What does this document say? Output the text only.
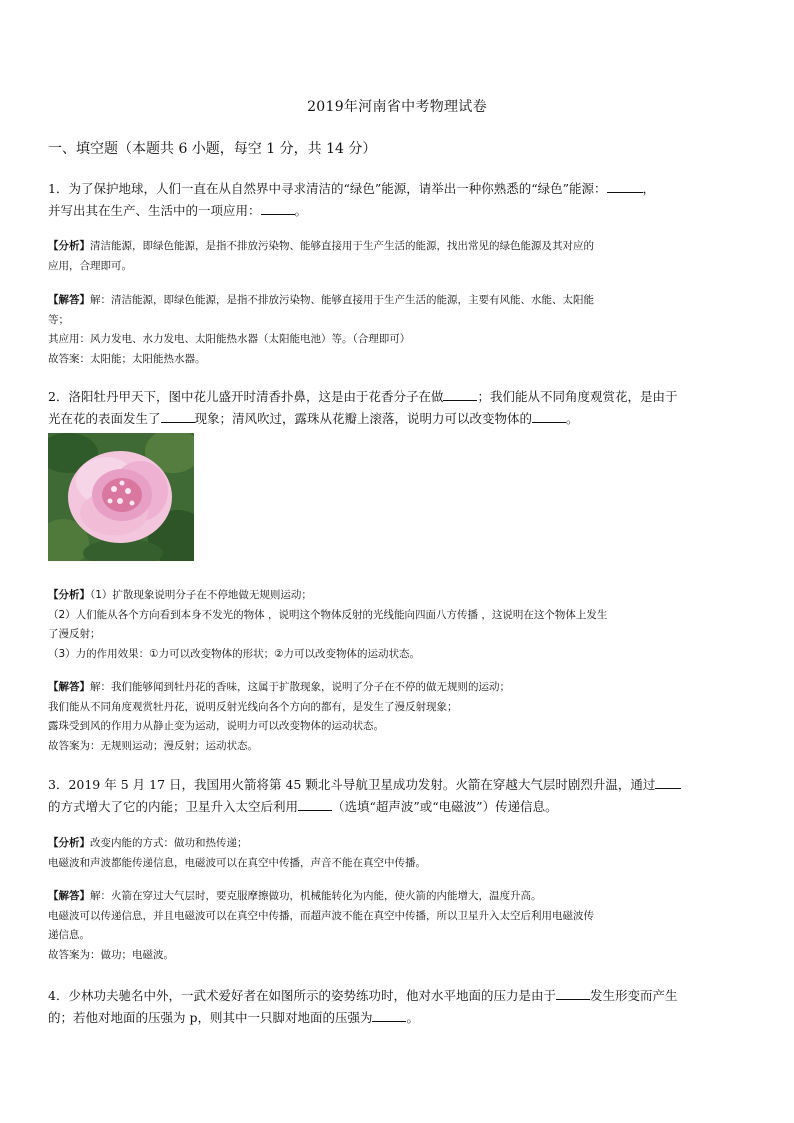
2019年河南省中考物理试卷
一、填空题（本题共 6 小题，每空 1 分，共 14 分）
1．为了保护地球，人们一直在从自然界中寻求清洁的“绿色”能源，请举出一种你熟悉的“绿色”能源：	，
并写出其在生产、生活中的一项应用：	。

【分析】清洁能源，即绿色能源，是指不排放污染物、能够直接用于生产生活的能源，找出常见的绿色能源及其对应的

应用，合理即可。

【解答】解：清洁能源，即绿色能源，是指不排放污染物、能够直接用于生产生活的能源，主要有风能、水能、太阳能

等；

其应用：风力发电、水力发电、太阳能热水器（太阳能电池）等。（合理即可）

故答案：太阳能；太阳能热水器。

2．洛阳牡丹甲天下，图中花儿盛开时清香扑鼻，这是由于花香分子在做	；我们能从不同角度观赏花，是由于
光在花的表面发生了	现象；清风吹过，露珠从花瓣上滚落，说明力可以改变物体的	。

【分析】（1）扩散现象说明分子在不停地做无规则运动；

（2）人们能从各个方向看到本身不发光的物体 ，说明这个物体反射的光线能向四面八方传播 ，这说明在这个物体上发生

了漫反射；

（3）力的作用效果：①力可以改变物体的形状；②力可以改变物体的运动状态。

【解答】解：我们能够闻到牡丹花的香味，这属于扩散现象，说明了分子在不停的做无规则的运动；

我们能从不同角度观赏牡丹花，说明反射光线向各个方向的都有，是发生了漫反射现象；

露珠受到风的作用力从静止变为运动，说明力可以改变物体的运动状态。

故答案为：无规则运动；漫反射；运动状态。

3．2019 年 5 月 17 日，我国用火箭将第 45 颗北斗导航卫星成功发射。火箭在穿越大气层时剧烈升温，通过
的方式增大了它的内能；卫星升入太空后利用	（选填“超声波”或“电磁波”）传递信息。

【分析】改变内能的方式：做功和热传递；

电磁波和声波都能传递信息，电磁波可以在真空中传播，声音不能在真空中传播。

【解答】解：火箭在穿过大气层时，要克服摩擦做功，机械能转化为内能，使火箭的内能增大，温度升高。

电磁波可以传递信息，并且电磁波可以在真空中传播，而超声波不能在真空中传播，所以卫星升入太空后利用电磁波传

递信息。

故答案为：做功；电磁波。

4．少林功夫驰名中外，一武术爱好者在如图所示的姿势练功时，他对水平地面的压力是由于	发生形变而产生
的；若他对地面的压强为 p，则其中一只脚对地面的压强为	。
